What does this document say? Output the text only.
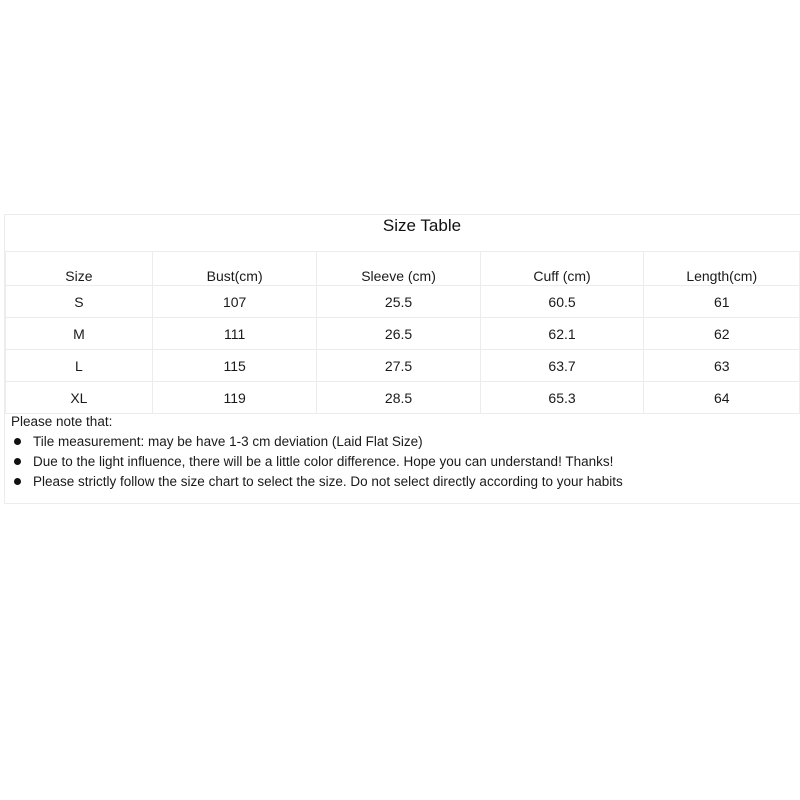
Size Table
Size	Bust(cm)	Sleeve (cm)	Cuff (cm)	Length(cm)
S	107	25.5	60.5	61
M	111	26.5	62.1	62
L	115	27.5	63.7	63
XL	119	28.5	65.3	64

Please note that:

Tile measurement: may be have 1-3 cm deviation (Laid Flat Size)

Due to the light influence, there will be a little color difference. Hope you can understand! Thanks!

Please strictly follow the size chart to select the size. Do not select directly according to your habits
